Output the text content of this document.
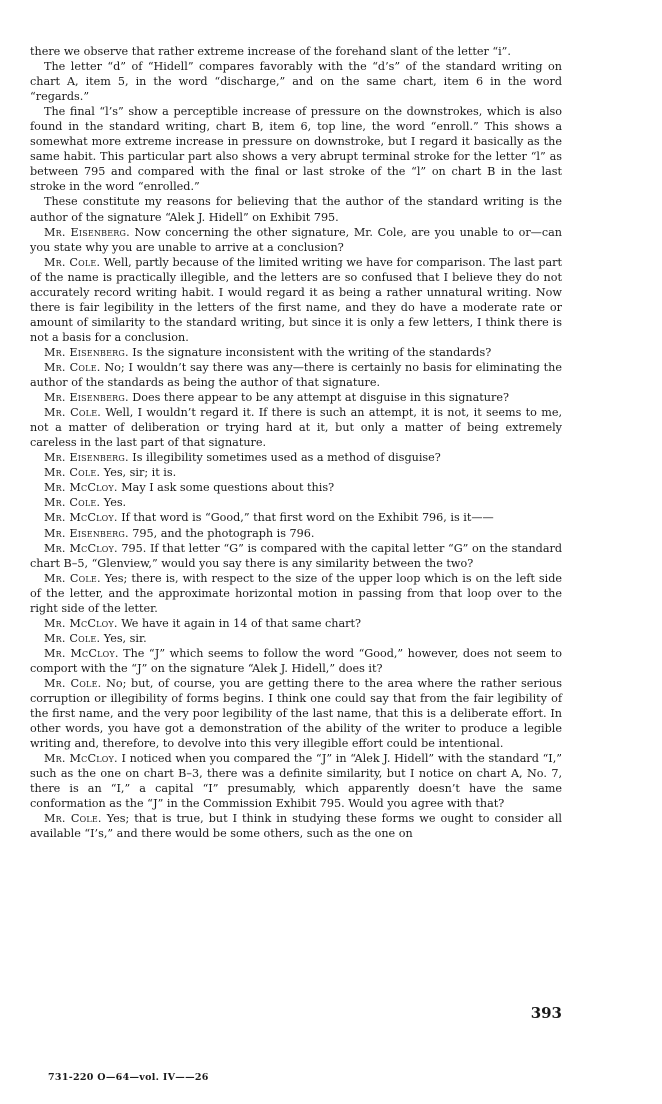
there we observe that rather extreme increase of the forehand slant of the letter “i”.

The letter “d” of “Hidell” compares favorably with the “d’s” of the standard writing on chart A, item 5, in the word “discharge,” and on the same chart, item 6 in the word “regards.”

The final “l’s” show a perceptible increase of pressure on the downstrokes, which is also found in the standard writing, chart B, item 6, top line, the word “enroll.” This shows a somewhat more extreme increase in pressure on downstroke, but I regard it basically as the same habit. This particular part also shows a very abrupt terminal stroke for the letter “l” as between 795 and compared with the final or last stroke of the “l” on chart B in the last stroke in the word “enrolled.”

These constitute my reasons for believing that the author of the standard writing is the author of the signature “Alek J. Hidell” on Exhibit 795.

Mr. Eisenberg. Now concerning the other signature, Mr. Cole, are you unable to or—can you state why you are unable to arrive at a conclusion?

Mr. Cole. Well, partly because of the limited writing we have for comparison. The last part of the name is practically illegible, and the letters are so confused that I believe they do not accurately record writing habit. I would regard it as being a rather unnatural writing. Now there is fair legibility in the letters of the first name, and they do have a moderate rate or amount of similarity to the standard writing, but since it is only a few letters, I think there is not a basis for a conclusion.

Mr. Eisenberg. Is the signature inconsistent with the writing of the standards?

Mr. Cole. No; I wouldn’t say there was any—there is certainly no basis for eliminating the author of the standards as being the author of that signature.

Mr. Eisenberg. Does there appear to be any attempt at disguise in this signature?

Mr. Cole. Well, I wouldn’t regard it. If there is such an attempt, it is not, it seems to me, not a matter of deliberation or trying hard at it, but only a matter of being extremely careless in the last part of that signature.

Mr. Eisenberg. Is illegibility sometimes used as a method of disguise?

Mr. Cole. Yes, sir; it is.

Mr. McCloy. May I ask some questions about this?

Mr. Cole. Yes.

Mr. McCloy. If that word is “Good,” that first word on the Exhibit 796, is it——

Mr. Eisenberg. 795, and the photograph is 796.

Mr. McCloy. 795. If that letter “G” is compared with the capital letter “G” on the standard chart B–5, “Glenview,” would you say there is any similarity between the two?

Mr. Cole. Yes; there is, with respect to the size of the upper loop which is on the left side of the letter, and the approximate horizontal motion in passing from that loop over to the right side of the letter.

Mr. McCloy. We have it again in 14 of that same chart?

Mr. Cole. Yes, sir.

Mr. McCloy. The “J” which seems to follow the word “Good,” however, does not seem to comport with the “J” on the signature “Alek J. Hidell,” does it?

Mr. Cole. No; but, of course, you are getting there to the area where the rather serious corruption or illegibility of forms begins. I think one could say that from the fair legibility of the first name, and the very poor legibility of the last name, that this is a deliberate effort. In other words, you have got a demonstration of the ability of the writer to produce a legible writing and, therefore, to devolve into this very illegible effort could be intentional.

Mr. McCloy. I noticed when you compared the “J” in “Alek J. Hidell” with the standard “I,” such as the one on chart B–3, there was a definite similarity, but I notice on chart A, No. 7, there is an “I,” a capital “I” presumably, which apparently doesn’t have the same conformation as the “J” in the Commission Exhibit 795. Would you agree with that?

Mr. Cole. Yes; that is true, but I think in studying these forms we ought to consider all available “I’s,” and there would be some others, such as the one on

393
731-220 O—64—vol. IV——26
